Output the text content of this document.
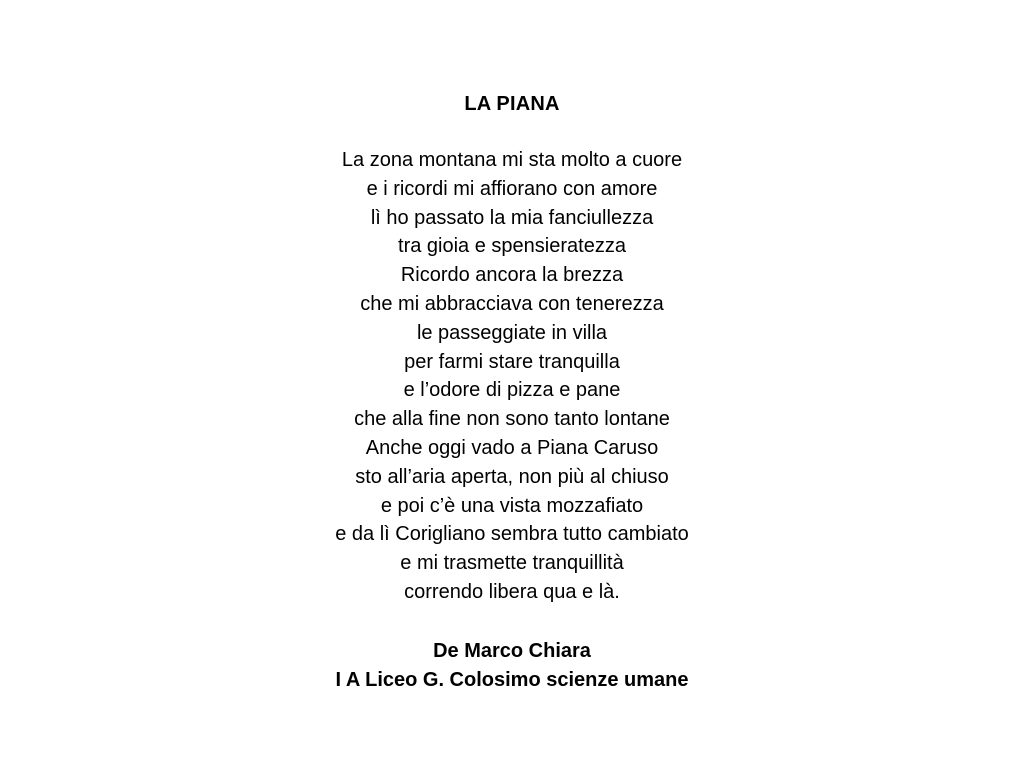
LA PIANA
La zona montana mi sta molto a cuore
e i ricordi mi affiorano con amore
lì ho passato la mia fanciullezza
tra gioia e spensieratezza
Ricordo ancora la brezza
che mi abbracciava con tenerezza
le passeggiate in villa
per farmi stare tranquilla
e l’odore di pizza e pane
che alla fine non sono tanto lontane
Anche oggi vado a Piana Caruso
sto all’aria aperta, non più al chiuso
e poi c’è una vista mozzafiato
e da lì Corigliano sembra tutto cambiato
e mi trasmette tranquillità
correndo libera qua e là.
De Marco Chiara
I A Liceo G. Colosimo scienze umane
